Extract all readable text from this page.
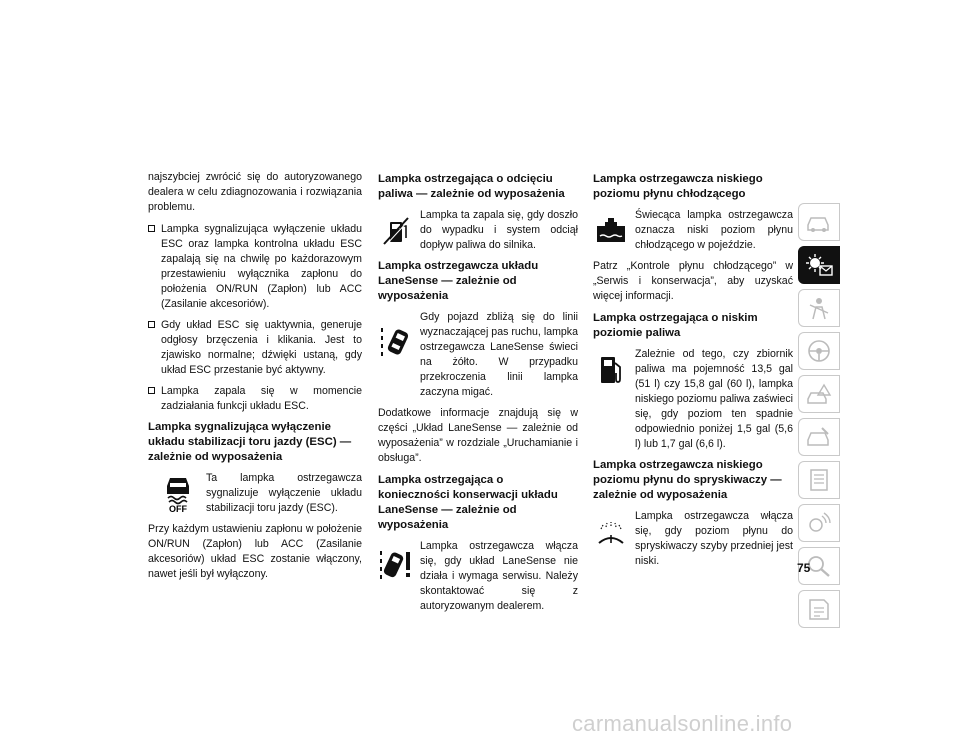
najszybciej zwrócić się do autoryzowanego dealera w celu zdiagnozowania i rozwiązania problemu.

Lampka sygnalizująca wyłączenie układu ESC oraz lampka kontrolna układu ESC zapalają się na chwilę po każdorazowym przestawieniu wyłącznika zapłonu do położenia ON/RUN (Zapłon) lub ACC (Zasilanie akcesoriów).
Gdy układ ESC się uaktywnia, generuje odgłosy brzęczenia i klikania. Jest to zjawisko normalne; dźwięki ustaną, gdy układ ESC przestanie być aktywny.
Lampka zapala się w momencie zadziałania funkcji układu ESC.
Lampka sygnalizująca wyłączenie układu stabilizacji toru jazdy (ESC) — zależnie od wyposażenia
OFF
Ta lampka ostrzegawcza sygnalizuje wyłączenie układu stabilizacji toru jazdy (ESC).

Przy każdym ustawieniu zapłonu w położenie ON/RUN (Zapłon) lub ACC (Zasilanie akcesoriów) układ ESC zostanie włączony, nawet jeśli był wyłączony.

Lampka ostrzegająca o odcięciu paliwa — zależnie od wyposażenia
Lampka ta zapala się, gdy doszło do wypadku i system odciął dopływ paliwa do silnika.
Lampka ostrzegawcza układu LaneSense — zależnie od wyposażenia
Gdy pojazd zbliżą się do linii wyznaczającej pas ruchu, lampka ostrzegawcza LaneSense świeci na żółto. W przypadku przekroczenia linii lampka zaczyna migać.

Dodatkowe informacje znajdują się w części „Układ LaneSense — zależnie od wyposażenia” w rozdziale „Uruchamianie i obsługa”.

Lampka ostrzegająca o konieczności konserwacji układu LaneSense — zależnie od wyposażenia
Lampka ostrzegawcza włącza się, gdy układ LaneSense nie działa i wymaga serwisu. Należy skontaktować się z autoryzowanym dealerem.
Lampka ostrzegawcza niskiego poziomu płynu chłodzącego
Świecąca lampka ostrzegawcza oznacza niski poziom płynu chłodzącego w pojeździe.

Patrz „Kontrole płynu chłodzącego” w „Serwis i konserwacja”, aby uzyskać więcej informacji.

Lampka ostrzegająca o niskim poziomie paliwa
Zależnie od tego, czy zbiornik paliwa ma pojemność 13,5 gal (51 l) czy 15,8 gal (60 l), lampka niskiego poziomu paliwa zaświeci się, gdy poziom ten spadnie odpowiednio poniżej 1,5 gal (5,6 l) lub 1,7 gal (6,6 l).
Lampka ostrzegawcza niskiego poziomu płynu do spryskiwaczy — zależnie od wyposażenia
Lampka ostrzegawcza włącza się, gdy poziom płynu do spryskiwaczy szyby przedniej jest niski.	75
carmanualsonline.info
